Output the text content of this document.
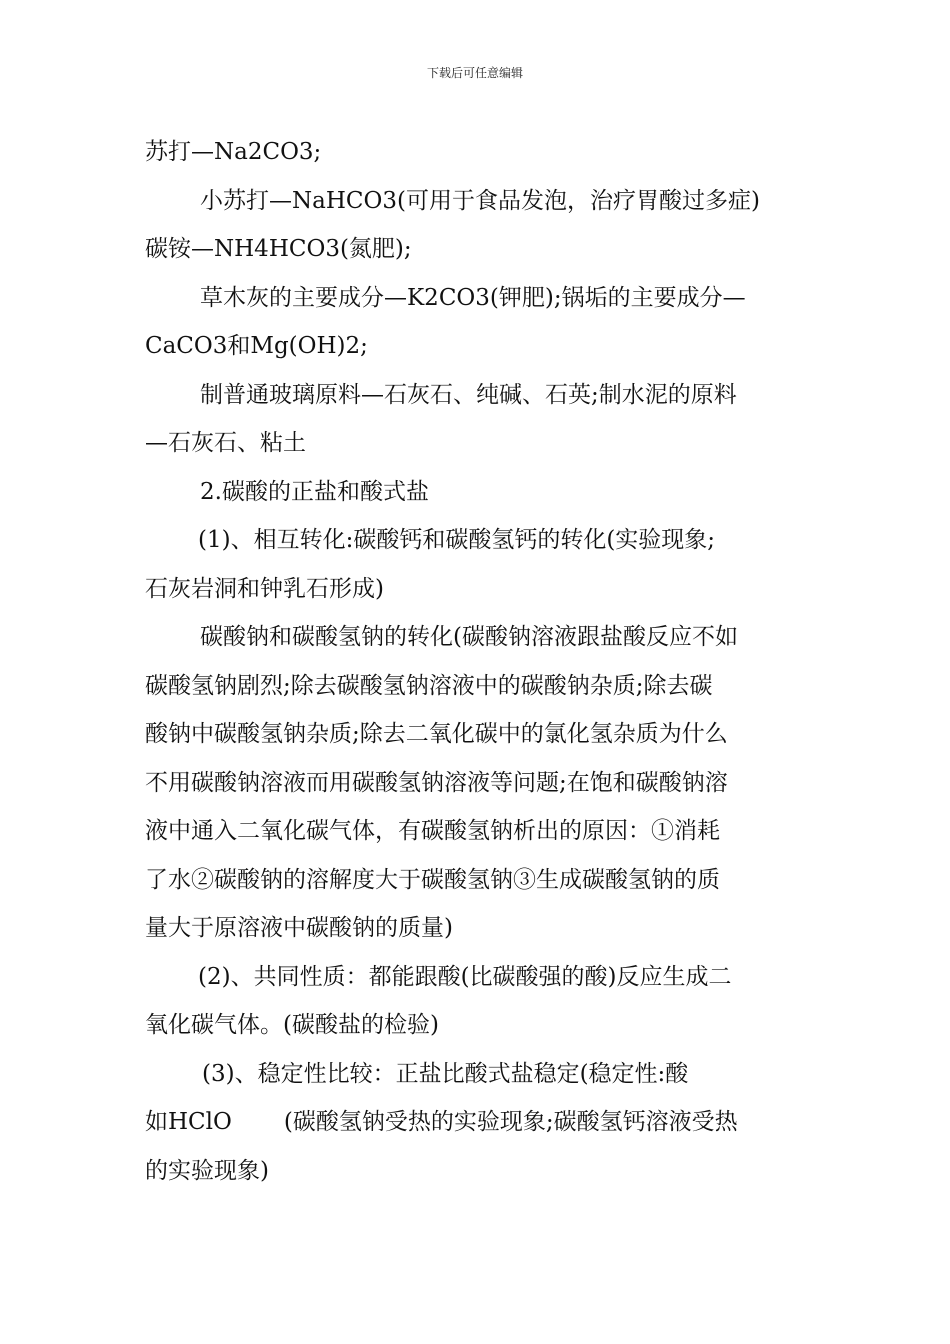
下载后可任意编辑
苏打—Na2CO3;
小苏打—NaHCO3(可用于食品发泡，治疗胃酸过多症)
碳铵—NH4HCO3(氮肥);
草木灰的主要成分—K2CO3(钾肥);锅垢的主要成分—
CaCO3和Mg(OH)2;
制普通玻璃原料—石灰石、纯碱、石英;制水泥的原料
—石灰石、粘土
2.碳酸的正盐和酸式盐
(1)、相互转化:碳酸钙和碳酸氢钙的转化(实验现象;
石灰岩洞和钟乳石形成)
碳酸钠和碳酸氢钠的转化(碳酸钠溶液跟盐酸反应不如
碳酸氢钠剧烈;除去碳酸氢钠溶液中的碳酸钠杂质;除去碳
酸钠中碳酸氢钠杂质;除去二氧化碳中的氯化氢杂质为什么
不用碳酸钠溶液而用碳酸氢钠溶液等问题;在饱和碳酸钠溶
液中通入二氧化碳气体，有碳酸氢钠析出的原因：①消耗
了水②碳酸钠的溶解度大于碳酸氢钠③生成碳酸氢钠的质
量大于原溶液中碳酸钠的质量)
(2)、共同性质：都能跟酸(比碳酸强的酸)反应生成二
氧化碳气体。(碳酸盐的检验)
(3)、稳定性比较：正盐比酸式盐稳定(稳定性:酸
如HClO (碳酸氢钠受热的实验现象;碳酸氢钙溶液受热
的实验现象)
